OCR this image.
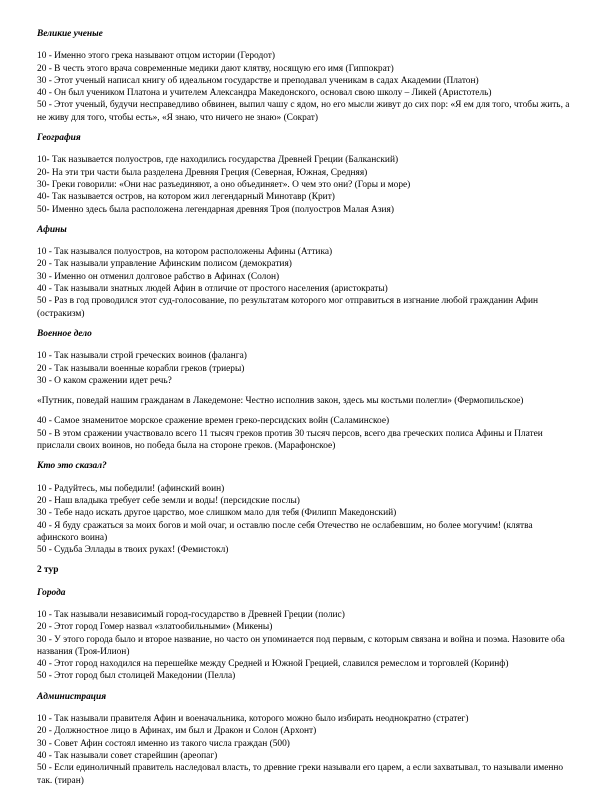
Великие ученые

10 - Именно этого грека называют отцом истории (Геродот)

20 - В честь этого врача современные медики дают клятву, носящую его имя (Гиппократ)

30 - Этот ученый написал книгу об идеальном государстве и преподавал ученикам в садах Академии (Платон)

40 - Он был учеником Платона и учителем Александра Македонского, основал свою школу – Ликей (Аристотель)

50 - Этот ученый, будучи несправедливо обвинен, выпил чашу с ядом, но его мысли живут до сих пор: «Я ем для того, чтобы жить, а не живу для того, чтобы есть», «Я знаю, что ничего не знаю» (Сократ)

География

10- Так называется полуостров, где находились государства Древней Греции (Балканский)

20- На эти три части была разделена Древняя Греция (Северная, Южная, Средняя)

30- Греки говорили: «Они нас разъединяют, а оно объединяет». О чем это они? (Горы и море)

40- Так называется остров, на котором жил легендарный Минотавр (Крит)

50- Именно здесь была расположена легендарная древняя Троя (полуостров Малая Азия)

Афины

10 - Так назывался полуостров, на котором расположены Афины (Аттика)

20 - Так называли управление Афинским полисом (демократия)

30 - Именно он отменил долговое рабство в Афинах (Солон)

40 - Так называли знатных людей Афин в отличие от простого населения (аристократы)

50 - Раз в год проводился этот суд-голосование, по результатам которого мог отправиться в изгнание любой гражданин Афин (остракизм)

Военное дело

10 - Так называли строй греческих воинов (фаланга)

20 - Так называли военные корабли греков (триеры)

30 - О каком сражении идет речь?

«Путник, поведай нашим гражданам в Лакедемоне: Честно исполнив закон, здесь мы костьми полегли» (Фермопильское)

40 - Самое знаменитое морское сражение времен греко-персидских войн (Саламинское)

50 - В этом сражении участвовало всего 11 тысяч греков против 30 тысяч персов, всего два греческих полиса Афины и Платеи прислали своих воинов, но победа была на стороне греков. (Марафонское)

Кто это сказал?

10 - Радуйтесь, мы победили! (афинский воин)

20 - Наш владыка требует себе земли и воды! (персидские послы)

30 - Тебе надо искать другое царство, мое слишком мало для тебя (Филипп Македонский)

40 - Я буду сражаться за моих богов и мой очаг, и оставлю после себя Отечество не ослабевшим, но более могучим! (клятва афинского воина)

50 - Судьба Эллады в твоих руках! (Фемистокл)

2 тур

Города

10 - Так называли независимый город-государство в Древней Греции (полис)

20 - Этот город Гомер назвал «златообильными» (Микены)

30 - У этого города было и второе название, но часто он упоминается под первым, с которым связана и война и поэма. Назовите оба названия (Троя-Илион)

40 - Этот город находился на перешейке между Средней и Южной Грецией, славился ремеслом и торговлей (Коринф)

50 - Этот город был столицей Македонии (Пелла)

Администрация

10 - Так называли правителя Афин и военачальника, которого можно было избирать неоднократно (стратег)

20 - Должностное лицо в Афинах, им был и Дракон и Солон (Архонт)

30 - Совет Афин состоял именно из такого числа граждан (500)

40 - Так называли совет старейшин (ареопаг)

50 - Если единоличный правитель наследовал власть, то древние греки называли его царем, а если захватывал, то называли именно так. (тиран)
